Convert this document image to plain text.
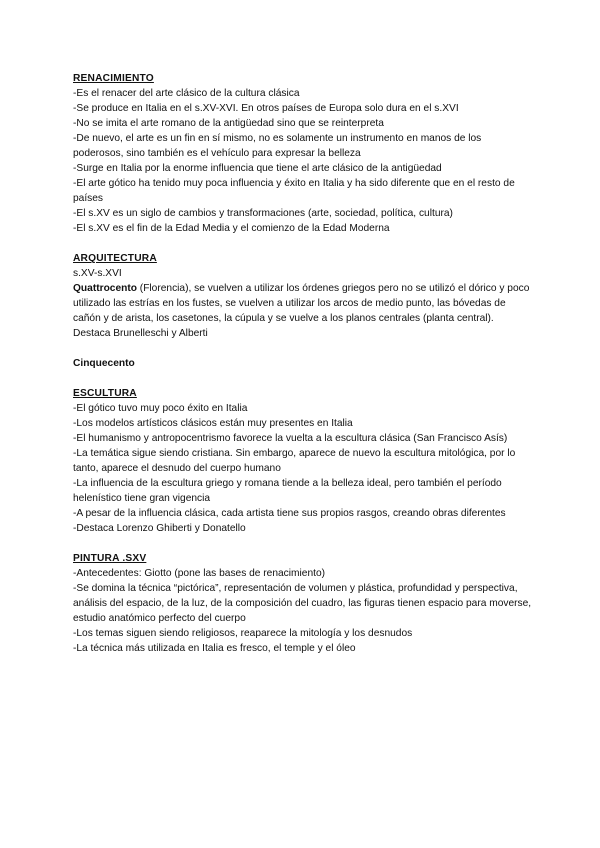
RENACIMIENTO

-Es el renacer del arte clásico de la cultura clásica

-Se produce en Italia en el s.XV-XVI. En otros países de Europa solo dura en el s.XVI

-No se imita el arte romano de la antigüedad sino que se reinterpreta

-De nuevo, el arte es un fin en sí mismo, no es solamente un instrumento en manos de los poderosos, sino también es el vehículo para expresar la belleza

-Surge en Italia por la enorme influencia que tiene el arte clásico de la antigüedad

-El arte gótico ha tenido muy poca influencia y éxito en Italia y ha sido diferente que en el resto de países

-El s.XV es un siglo de cambios y transformaciones (arte, sociedad, política, cultura)

-El s.XV es el fin de la Edad Media y el comienzo de la Edad Moderna

ARQUITECTURA

s.XV-s.XVI

Quattrocento (Florencia), se vuelven a utilizar los órdenes griegos pero no se utilizó el dórico y poco utilizado las estrías en los fustes, se vuelven a utilizar los arcos de medio punto, las bóvedas de cañón y de arista, los casetones, la cúpula y se vuelve a los planos centrales (planta central).

Destaca Brunelleschi y Alberti

Cinquecento

ESCULTURA

-El gótico tuvo muy poco éxito en Italia

-Los modelos artísticos clásicos están muy presentes en Italia

-El humanismo y antropocentrismo favorece la vuelta a la escultura clásica (San Francisco Asís)

-La temática sigue siendo cristiana. Sin embargo, aparece de nuevo la escultura mitológica, por lo tanto, aparece el desnudo del cuerpo humano

-La influencia de la escultura griego y romana tiende a la belleza ideal, pero también el período helenístico tiene gran vigencia

-A pesar de la influencia clásica, cada artista tiene sus propios rasgos, creando obras diferentes

-Destaca Lorenzo Ghiberti y Donatello

PINTURA .SXV

-Antecedentes: Giotto (pone las bases de renacimiento)

-Se domina la técnica “pictórica”, representación de volumen y plástica, profundidad y perspectiva, análisis del espacio, de la luz, de la composición del cuadro, las figuras tienen espacio para moverse, estudio anatómico perfecto del cuerpo

-Los temas siguen siendo religiosos, reaparece la mitología y los desnudos

-La técnica más utilizada en Italia es fresco, el temple y el óleo
